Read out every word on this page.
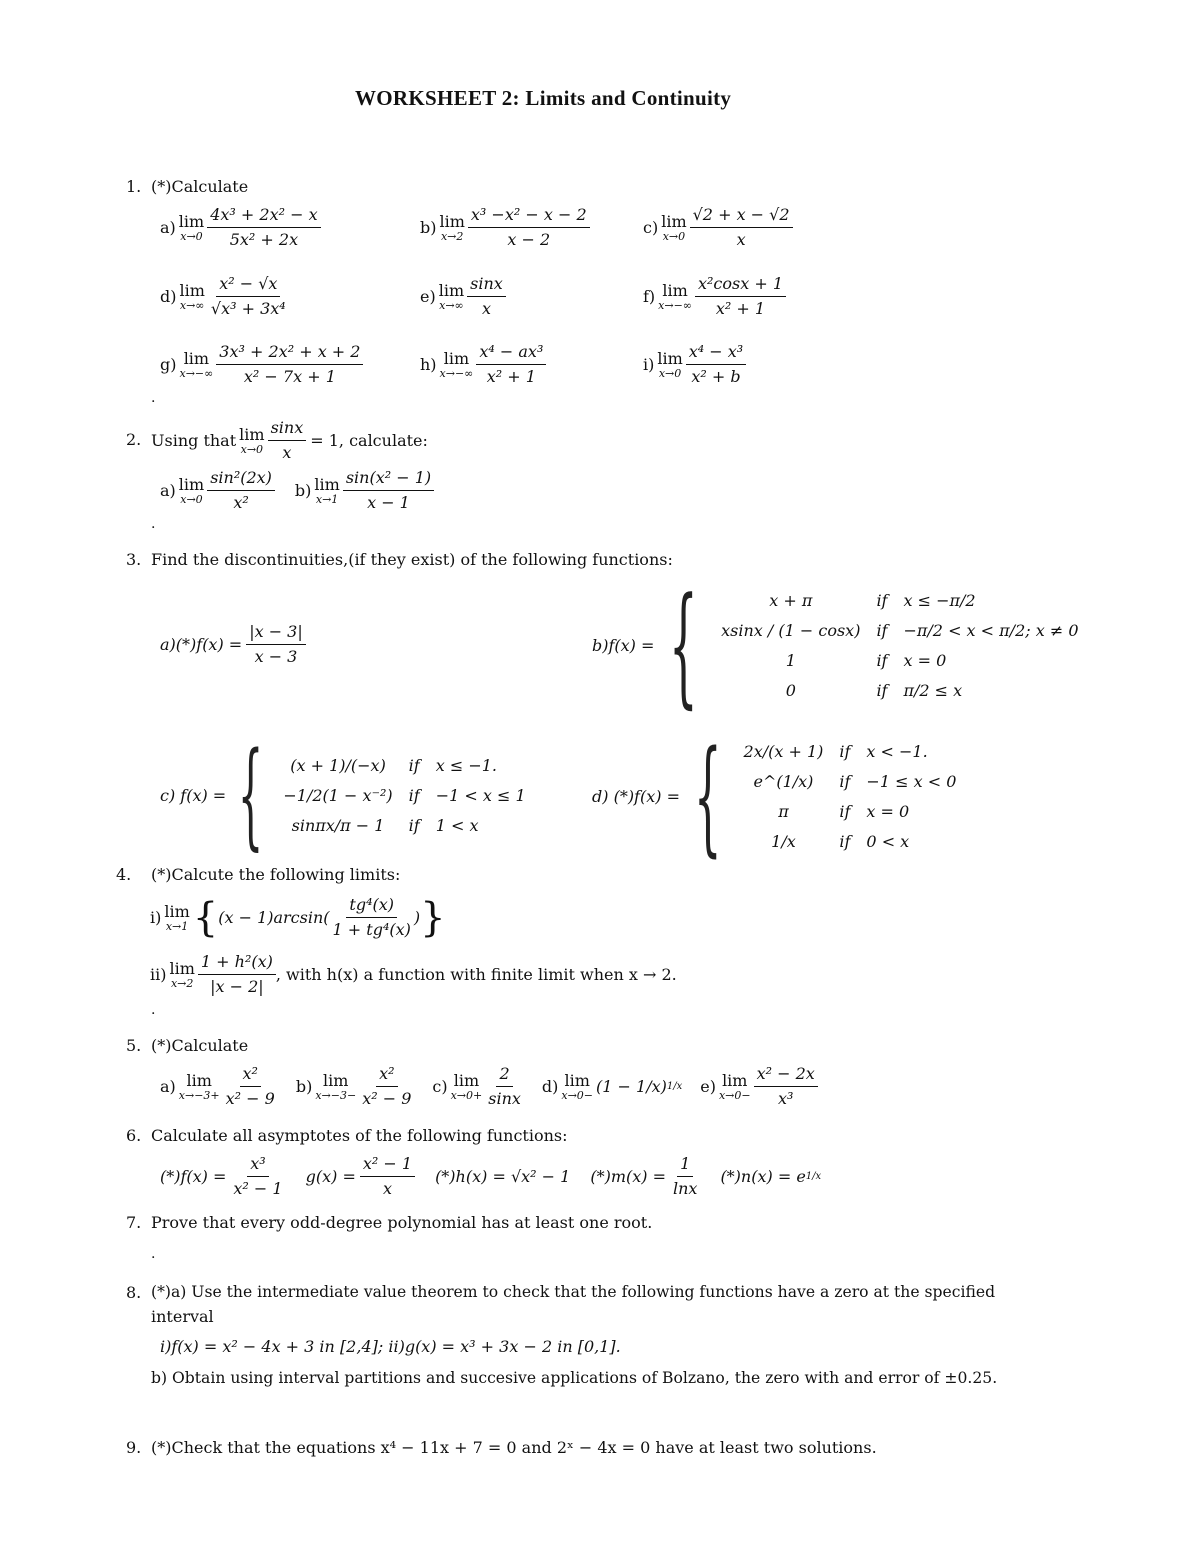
WORKSHEET 2: Limits and Continuity
1. (*)Calculate
a) lim
$x\to 0 \frac{\text{4x³ + 2x² − x}}{\text{5x² + 2x}}$	b) lim
$x\to 2 \frac{\text{x³ −x² − x − 2}}{x - 2}$	c) lim
$x\to 0 \frac{√2 + x - √2}{x}$
d) lim
$x\to\infty \frac{\text{x² − √x}}{\text{√x³ + 3x⁴}}$	e) lim
$x\to\infty \frac{\sin x}{x}$	f) lim
$x\to-\infty \frac{\text{x²cosx + 1}}{\text{x² + 1}}$
g) lim
$x\to-\infty \frac{\text{3x³ + 2x² + x + 2}}{\text{x² − 7x + 1}}$	h) lim
$x\to-\infty \frac{\text{x⁴ − ax³}}{\text{x² + 1}}$	i) lim
$x\to 0 \frac{\text{x⁴ − x³}}{\text{x² + b}}$
.
2. Using that lim
$x\to 0 \frac{\sin x}{x} = 1$, calculate:
a) lim
$x\to 0 \frac{\text{sin²(2x)}}{\text{x²}} b$) lim
$x\to 1 \frac{\text{sin(x² − 1)}}{x - 1}$
.
3. Find the discontinuities,(if they exist) of the following functions:
$a)(*)f(x) = \frac{|x - 3|}{x - 3}$	b)f(x) = {	x + π	if	x ≤ −π/2
xsinx / (1 − cosx)	if	−π/2 < x < π/2; x ≠ 0
1	if	x = 0
0	if	π/2 ≤ x
c) f(x) = { (x + 1)/(−x)	if	x ≤ −1.
−1/2(1 − x⁻²)	if	−1 < x ≤ 1
sinπx/π − 1	if	1 < x
d) (*)f(x) = { 2x/(x + 1)	if	x < −1.
e^(1/x)	if	−1 ≤ x < 0
π	if	x = 0
1/x	if	0 < x
4. (*)Calcute the following limits:
i) lim
x→1 { $(x - 1)\arcsin( \frac{\text{tg⁴(x)}}{\text{1 + tg⁴(x)}}$ ) }
ii) lim
$x\to 2 \frac{\text{1 + h²(x)}}{|x - 2|}$ , with h(x) a function with finite limit when x → 2.
.
5. (*)Calculate
a) lim
$x\to-3+ \frac{\text{x²}}{\text{x² − 9}} b$) lim
$x\to-3- \frac{\text{x²}}{\text{x² − 9}} c$) lim
$x\to 0+ \frac{2}{\sin x} d$) lim
x→0− (1 − 1/x) 1/x e) lim
$x\to 0- \frac{\text{x² − 2x}}{\text{x³}}$
6. Calculate all asymptotes of the following functions:
$(*)f(x) = \frac{\text{x³}}{\text{x² − 1}} g(x) = \frac{\text{x² − 1}}{x} (*)h(x) = √x^2 - 1$ $(*)m(x) = \frac{1}{\ln x} (*)n(x) = e$ 1/x
7. Prove that every odd-degree polynomial has at least one root.
.
8. (*)a) Use the intermediate value theorem to check that the following functions have a zero at the specified
interval
i)f(x) = x² − 4x + 3 in [2,4]; ii)g(x) = x³ + 3x − 2 in [0,1].
b) Obtain using interval partitions and succesive applications of Bolzano, the zero with and error of ±0.25.
9. (*)Check that the equations x⁴ − 11x + 7 = 0 and 2ˣ − 4x = 0 have at least two solutions.
